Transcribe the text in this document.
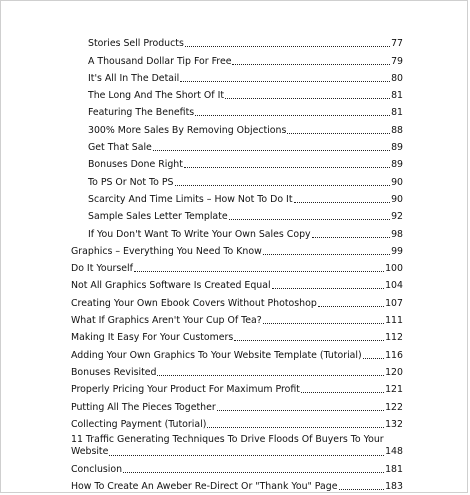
Stories Sell Products	77
A Thousand Dollar Tip For Free	79
It's All In The Detail	80
The Long And The Short Of It	81
Featuring The Benefits	81
300% More Sales By Removing Objections	88
Get That Sale	89
Bonuses Done Right	89
To PS Or Not To PS	90
Scarcity And Time Limits – How Not To Do It	90
Sample Sales Letter Template	92
If You Don't Want To Write Your Own Sales Copy	98
Graphics – Everything You Need To Know	99
Do It Yourself	100
Not All Graphics Software Is Created Equal	104
Creating Your Own Ebook Covers Without Photoshop	107
What If Graphics Aren't Your Cup Of Tea?	111
Making It Easy For Your Customers	112
Adding Your Own Graphics To Your Website Template (Tutorial) 116
Bonuses Revisited	120
Properly Pricing Your Product For Maximum Profit	121
Putting All The Pieces Together	122
Collecting Payment (Tutorial)	132
11 Traffic Generating Techniques To Drive Floods Of Buyers To Your
Website	148
Conclusion	181
How To Create An Aweber Re-Direct Or "Thank You" Page	183
